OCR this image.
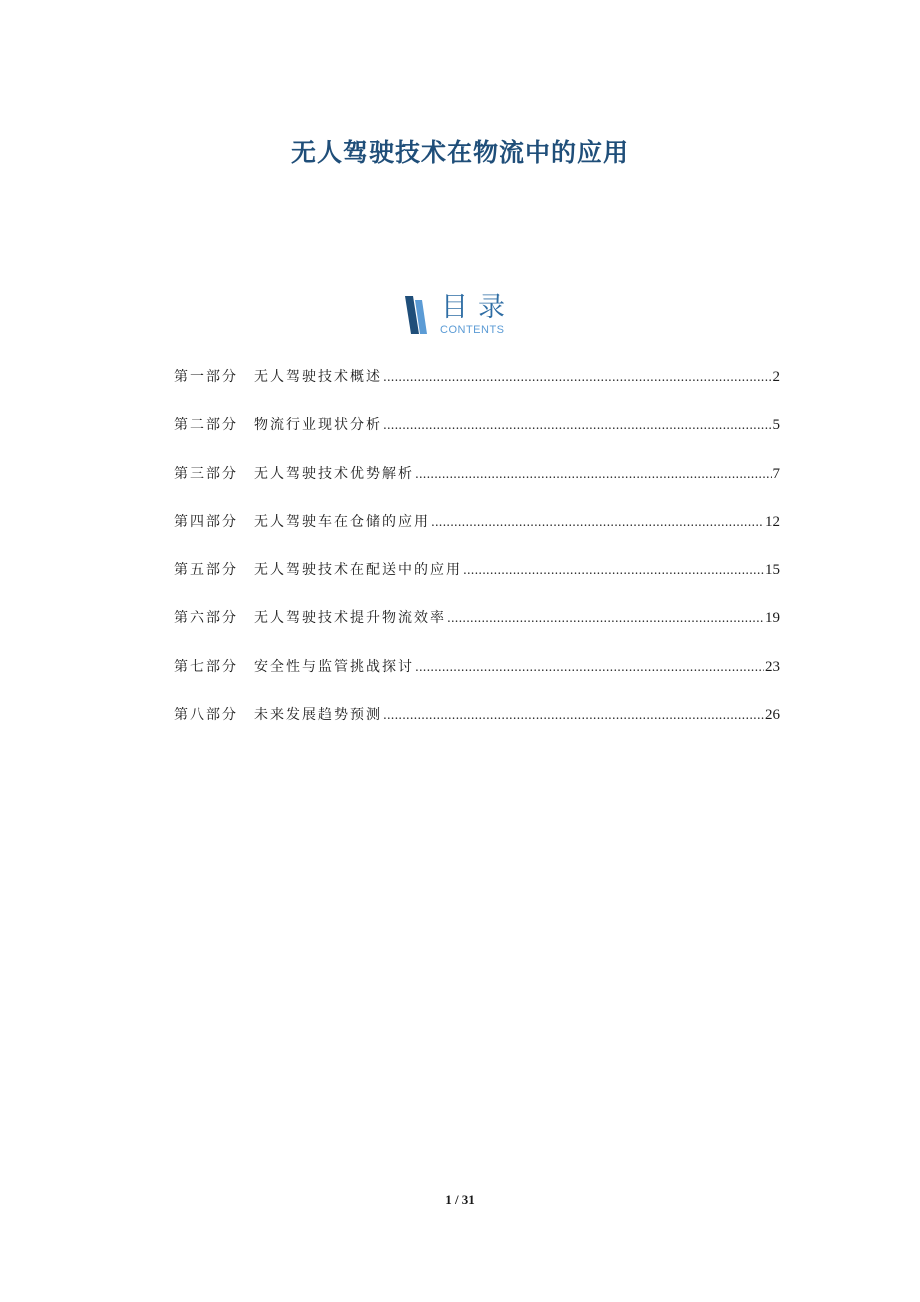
无人驾驶技术在物流中的应用
目录
CONTENTS
第一部分	无人驾驶技术概述 .....	2
第二部分	物流行业现状分析 .....	5
第三部分	无人驾驶技术优势解析 .....	7
第四部分	无人驾驶车在仓储的应用 .....	12
第五部分	无人驾驶技术在配送中的应用 .....	15
第六部分	无人驾驶技术提升物流效率 .....	19
第七部分	安全性与监管挑战探讨 .....	23
第八部分	未来发展趋势预测 .....	26
1 / 31
